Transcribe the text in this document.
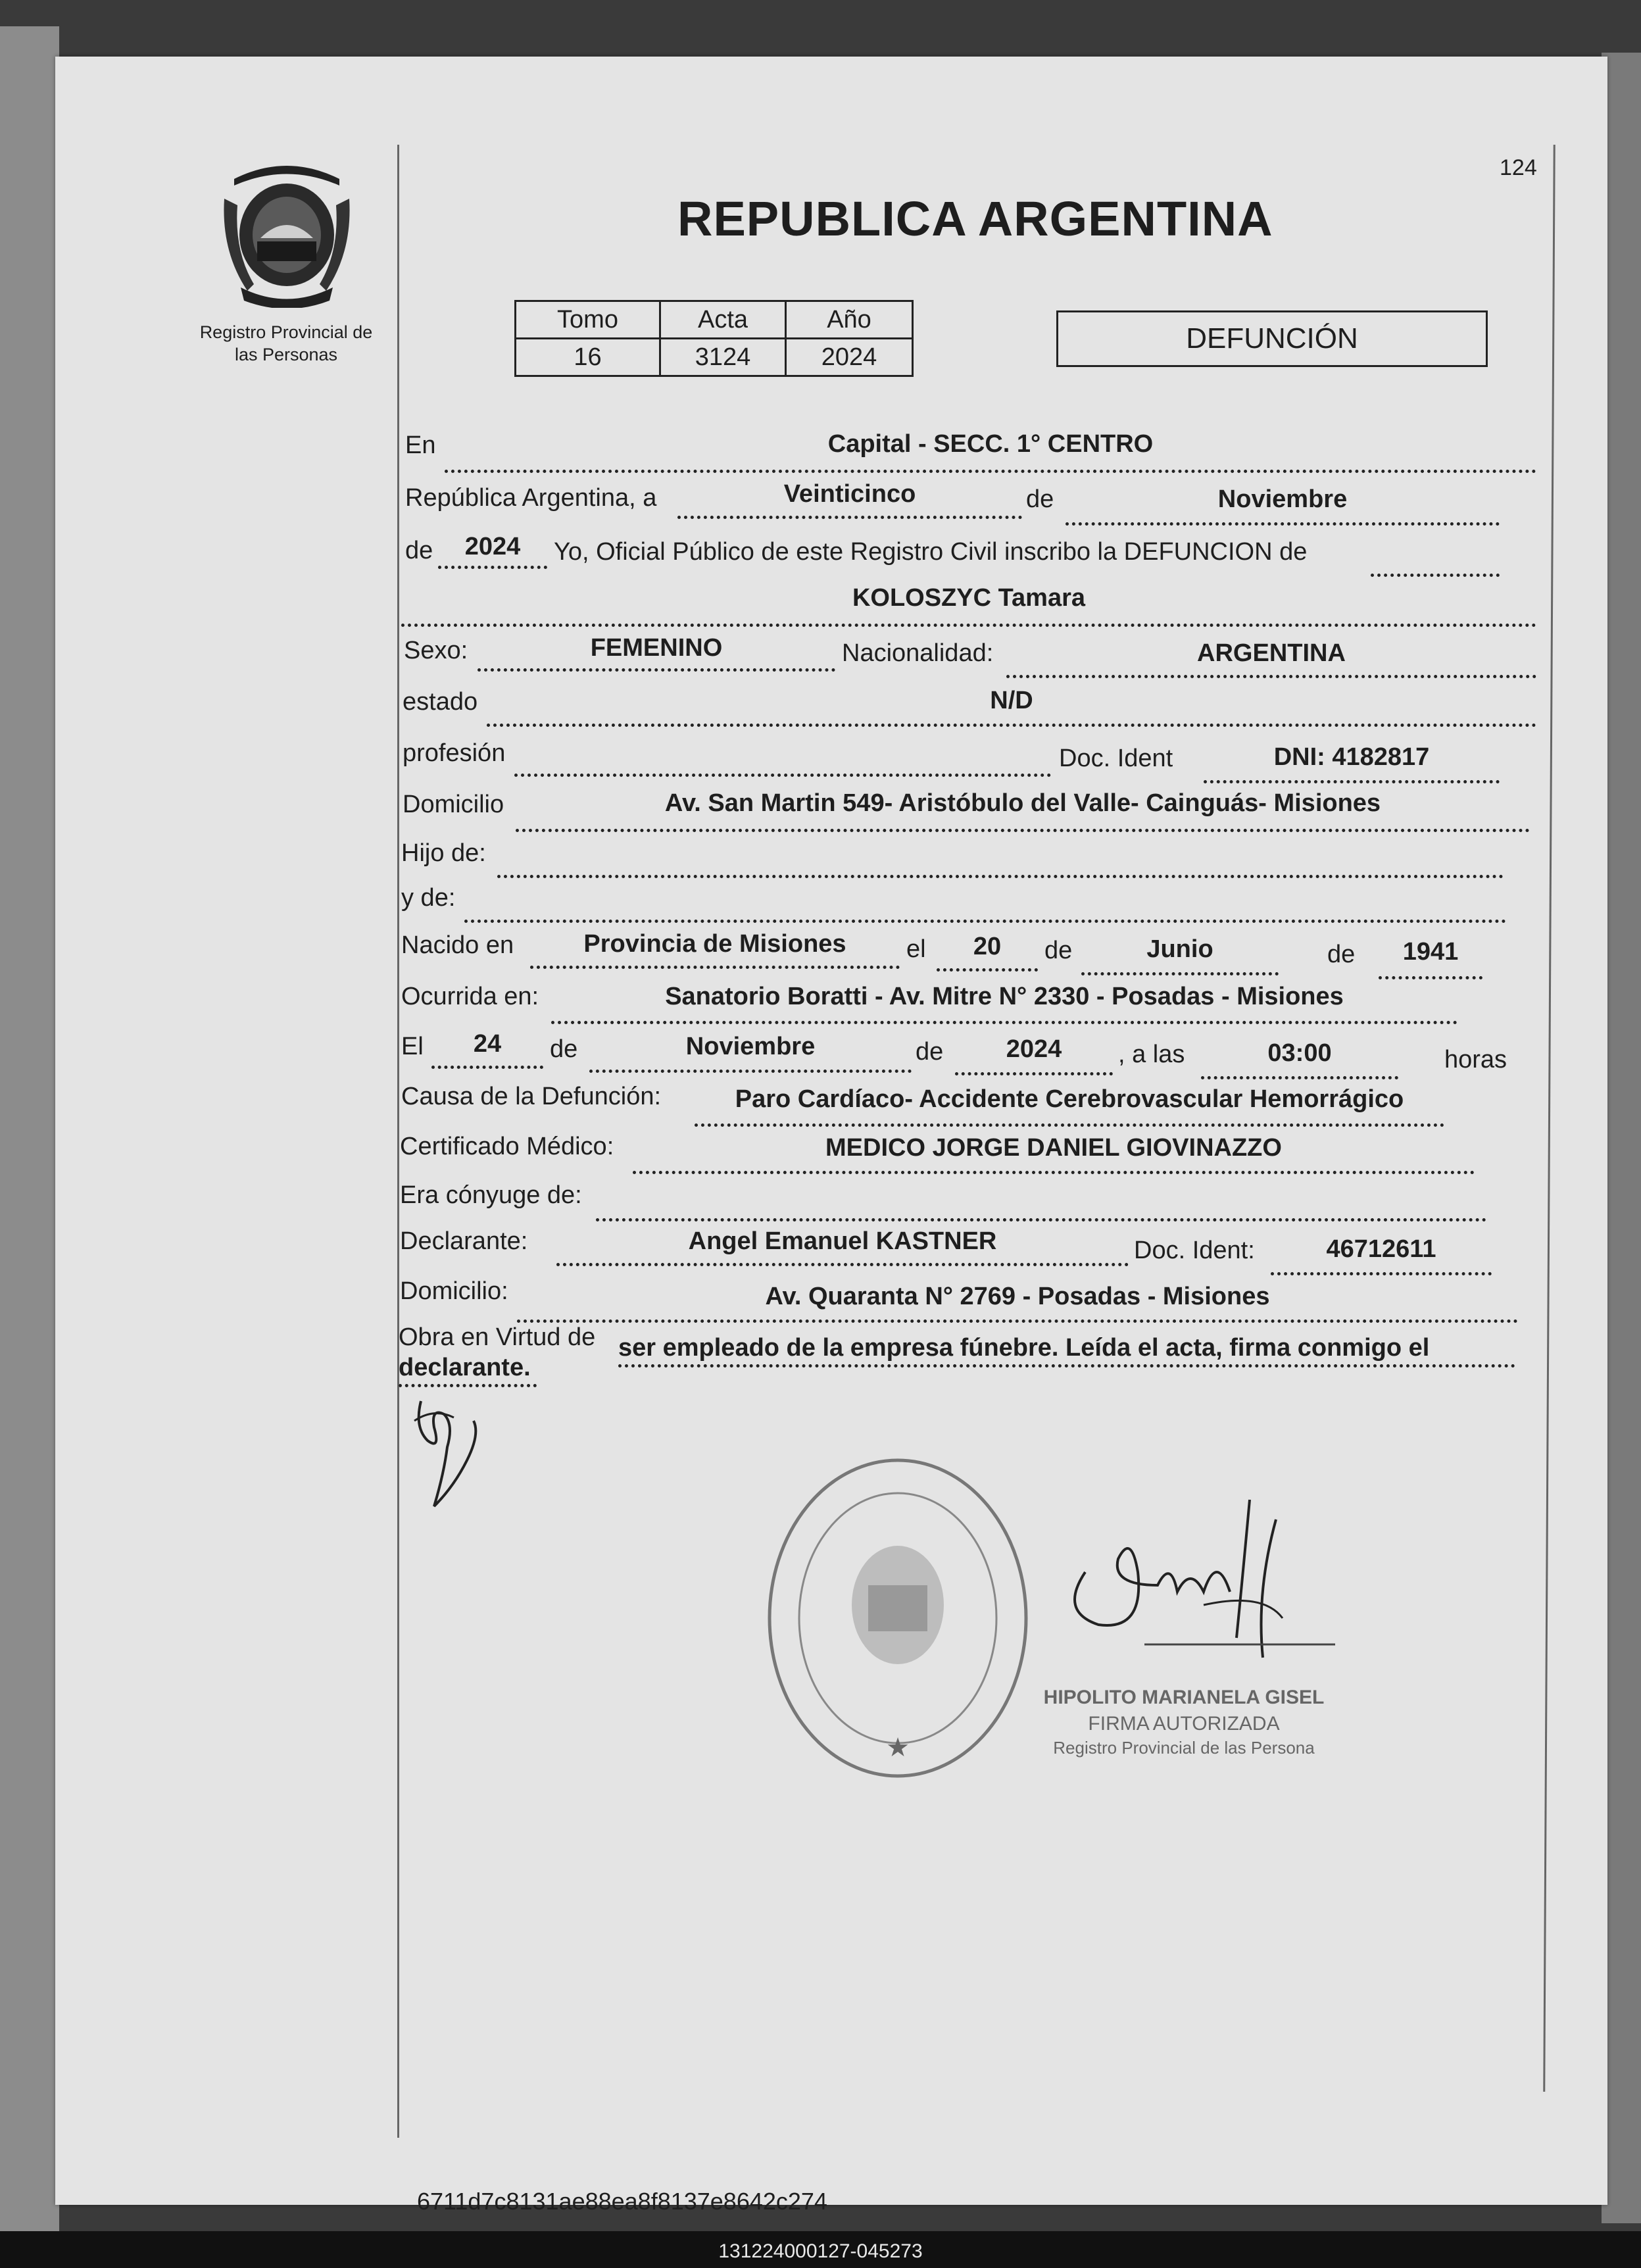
124
Registro Provincial de
las Personas
REPUBLICA ARGENTINA
Tomo	Acta	Año
16	3124	2024
DEFUNCIÓN
En	Capital - SECC. 1° CENTRO
República Argentina, a	Veinticinco	de	Noviembre
de	2024	Yo, Oficial Público de este Registro Civil inscribo la DEFUNCION de
KOLOSZYC Tamara
Sexo:	FEMENINO	Nacionalidad:	ARGENTINA
estado	N/D
profesión	Doc. Ident	DNI: 4182817
Domicilio	Av. San Martin 549- Aristóbulo del Valle- Cainguás- Misiones
Hijo de:
y de:
Nacido en	Provincia de Misiones	el	20	de	Junio	de	1941
Ocurrida en:	Sanatorio Boratti - Av. Mitre N° 2330 - Posadas - Misiones
El	24	de	Noviembre	de	2024	, a las	03:00	horas
Causa de la Defunción:	Paro Cardíaco- Accidente Cerebrovascular Hemorrágico
Certificado Médico:	MEDICO JORGE DANIEL GIOVINAZZO
Era cónyuge de:
Declarante:	Angel Emanuel KASTNER	Doc. Ident:	46712611
Domicilio:	Av. Quaranta N° 2769 - Posadas - Misiones
Obra en Virtud de ser empleado de la empresa fúnebre. Leída el acta, firma conmigo el
declarante.
★
HIPOLITO MARIANELA GISEL
FIRMA AUTORIZADA
Registro Provincial de las Persona
6711d7c8131ae88ea8f8137e8642c274
131224000127-045273
